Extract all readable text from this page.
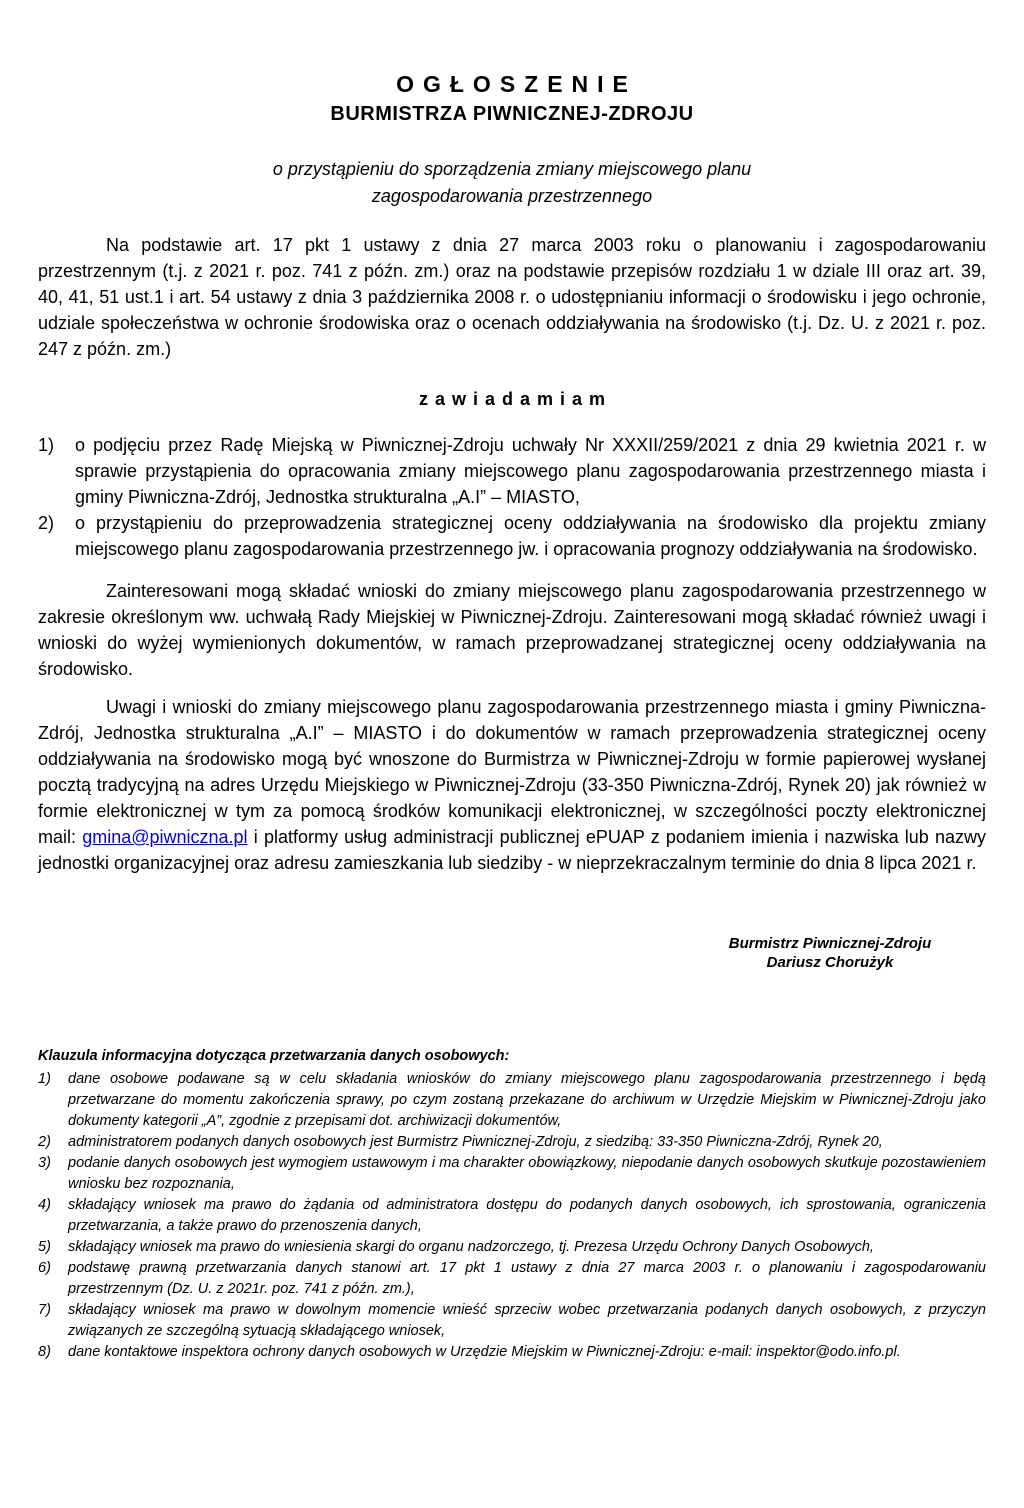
OGŁOSZENIE
BURMISTRZA PIWNICZNEJ-ZDROJU
o przystąpieniu do sporządzenia zmiany miejscowego planu
zagospodarowania przestrzennego

Na podstawie art. 17 pkt 1 ustawy z dnia 27 marca 2003 roku o planowaniu i zagospodarowaniu przestrzennym (t.j. z 2021 r. poz. 741 z późn. zm.) oraz na podstawie przepisów rozdziału 1 w dziale III oraz art. 39, 40, 41, 51 ust.1 i art. 54 ustawy z dnia 3 października 2008 r. o udostępnianiu informacji o środowisku i jego ochronie, udziale społeczeństwa w ochronie środowiska oraz o ocenach oddziaływania na środowisko (t.j. Dz. U. z 2021 r. poz. 247 z późn. zm.)

zawiadamiam
1)	o podjęciu przez Radę Miejską w Piwnicznej-Zdroju uchwały Nr XXXII/259/2021 z dnia 29 kwietnia 2021 r. w sprawie przystąpienia do opracowania zmiany miejscowego planu zagospodarowania przestrzennego miasta i gminy Piwniczna-Zdrój, Jednostka strukturalna „A.I” – MIASTO,
2)	o przystąpieniu do przeprowadzenia strategicznej oceny oddziaływania na środowisko dla projektu zmiany miejscowego planu zagospodarowania przestrzennego jw. i opracowania prognozy oddziaływania na środowisko.

Zainteresowani mogą składać wnioski do zmiany miejscowego planu zagospodarowania przestrzennego w zakresie określonym ww. uchwałą Rady Miejskiej w Piwnicznej-Zdroju. Zainteresowani mogą składać również uwagi i wnioski do wyżej wymienionych dokumentów, w ramach przeprowadzanej strategicznej oceny oddziaływania na środowisko.

Uwagi i wnioski do zmiany miejscowego planu zagospodarowania przestrzennego miasta i gminy Piwniczna-Zdrój, Jednostka strukturalna „A.I” – MIASTO i do dokumentów w ramach przeprowadzenia strategicznej oceny oddziaływania na środowisko mogą być wnoszone do Burmistrza w Piwnicznej-Zdroju w formie papierowej wysłanej pocztą tradycyjną na adres Urzędu Miejskiego w Piwnicznej-Zdroju (33-350 Piwniczna-Zdrój, Rynek 20) jak również w formie elektronicznej w tym za pomocą środków komunikacji elektronicznej, w szczególności poczty elektronicznej mail: gmina@piwniczna.pl i platformy usług administracji publicznej ePUAP z podaniem imienia i nazwiska lub nazwy jednostki organizacyjnej oraz adresu zamieszkania lub siedziby - w nieprzekraczalnym terminie do dnia 8 lipca 2021 r.

Burmistrz Piwnicznej-Zdroju
Dariusz Chorużyk
Klauzula informacyjna dotycząca przetwarzania danych osobowych:
1)	dane osobowe podawane są w celu składania wniosków do zmiany miejscowego planu zagospodarowania przestrzennego i będą przetwarzane do momentu zakończenia sprawy, po czym zostaną przekazane do archiwum w Urzędzie Miejskim w Piwnicznej-Zdroju jako dokumenty kategorii „A”, zgodnie z przepisami dot. archiwizacji dokumentów,
2)	administratorem podanych danych osobowych jest Burmistrz Piwnicznej-Zdroju, z siedzibą: 33-350 Piwniczna-Zdrój, Rynek 20,
3)	podanie danych osobowych jest wymogiem ustawowym i ma charakter obowiązkowy, niepodanie danych osobowych skutkuje pozostawieniem wniosku bez rozpoznania,
4)	składający wniosek ma prawo do żądania od administratora dostępu do podanych danych osobowych, ich sprostowania, ograniczenia przetwarzania, a także prawo do przenoszenia danych,
5)	składający wniosek ma prawo do wniesienia skargi do organu nadzorczego, tj. Prezesa Urzędu Ochrony Danych Osobowych,
6)	podstawę prawną przetwarzania danych stanowi art. 17 pkt 1 ustawy z dnia 27 marca 2003 r. o planowaniu i zagospodarowaniu przestrzennym (Dz. U. z 2021r. poz. 741 z późn. zm.),
7)	składający wniosek ma prawo w dowolnym momencie wnieść sprzeciw wobec przetwarzania podanych danych osobowych, z przyczyn związanych ze szczególną sytuacją składającego wniosek,
8)	dane kontaktowe inspektora ochrony danych osobowych w Urzędzie Miejskim w Piwnicznej-Zdroju: e-mail: inspektor@odo.info.pl.
